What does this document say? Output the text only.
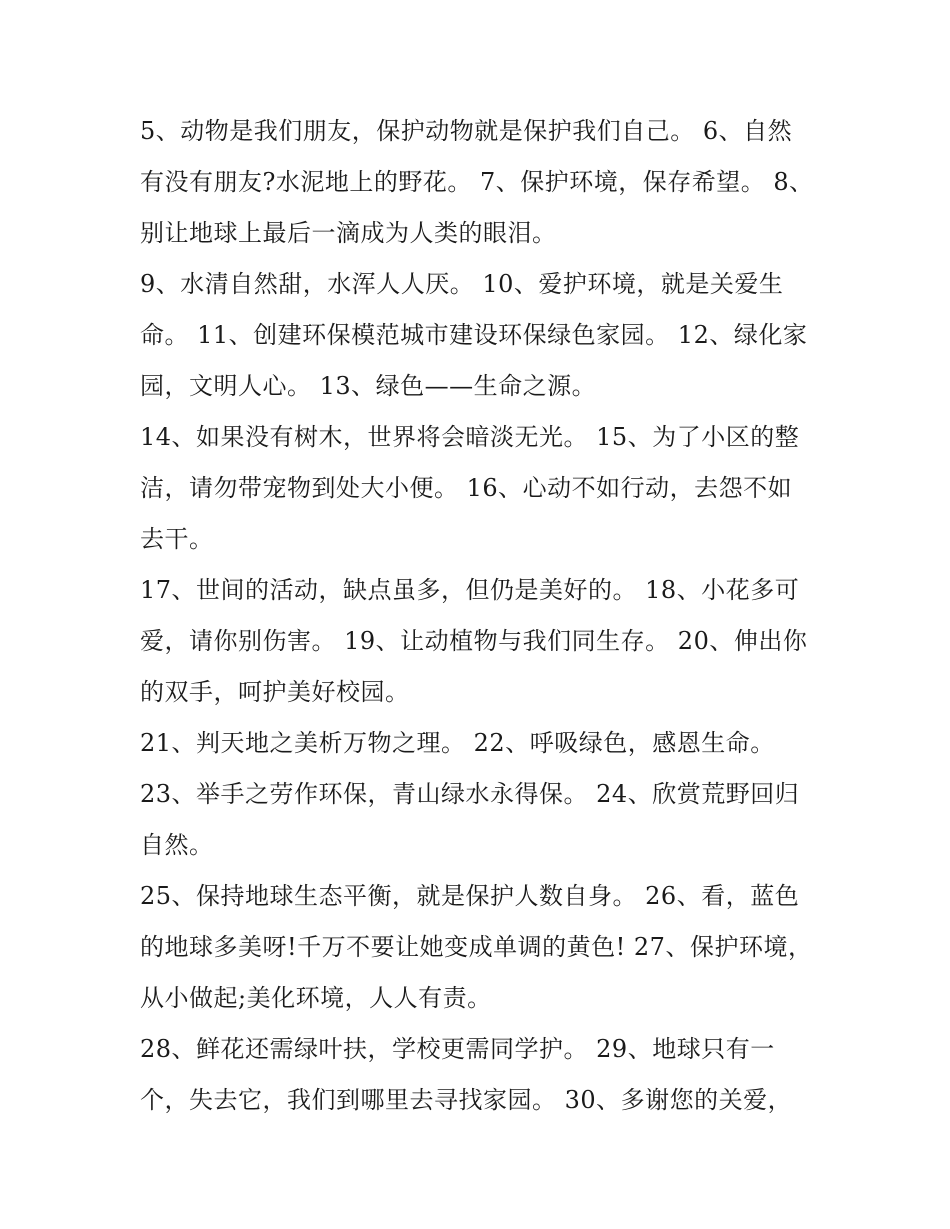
5、动物是我们朋友，保护动物就是保护我们自己。 6、自然
有没有朋友?水泥地上的野花。 7、保护环境，保存希望。 8、
别让地球上最后一滴成为人类的眼泪。
9、水清自然甜，水浑人人厌。 10、爱护环境，就是关爱生
命。 11、创建环保模范城市建设环保绿色家园。 12、绿化家
园，文明人心。 13、绿色——生命之源。
14、如果没有树木，世界将会暗淡无光。 15、为了小区的整
洁，请勿带宠物到处大小便。 16、心动不如行动，去怨不如
去干。
17、世间的活动，缺点虽多，但仍是美好的。 18、小花多可
爱，请你别伤害。 19、让动植物与我们同生存。 20、伸出你
的双手，呵护美好校园。
21、判天地之美析万物之理。 22、呼吸绿色，感恩生命。
23、举手之劳作环保，青山绿水永得保。 24、欣赏荒野回归
自然。
25、保持地球生态平衡，就是保护人数自身。 26、看，蓝色
的地球多美呀!千万不要让她变成单调的黄色! 27、保护环境，
从小做起;美化环境，人人有责。
28、鲜花还需绿叶扶，学校更需同学护。 29、地球只有一
个，失去它，我们到哪里去寻找家园。 30、多谢您的关爱，
